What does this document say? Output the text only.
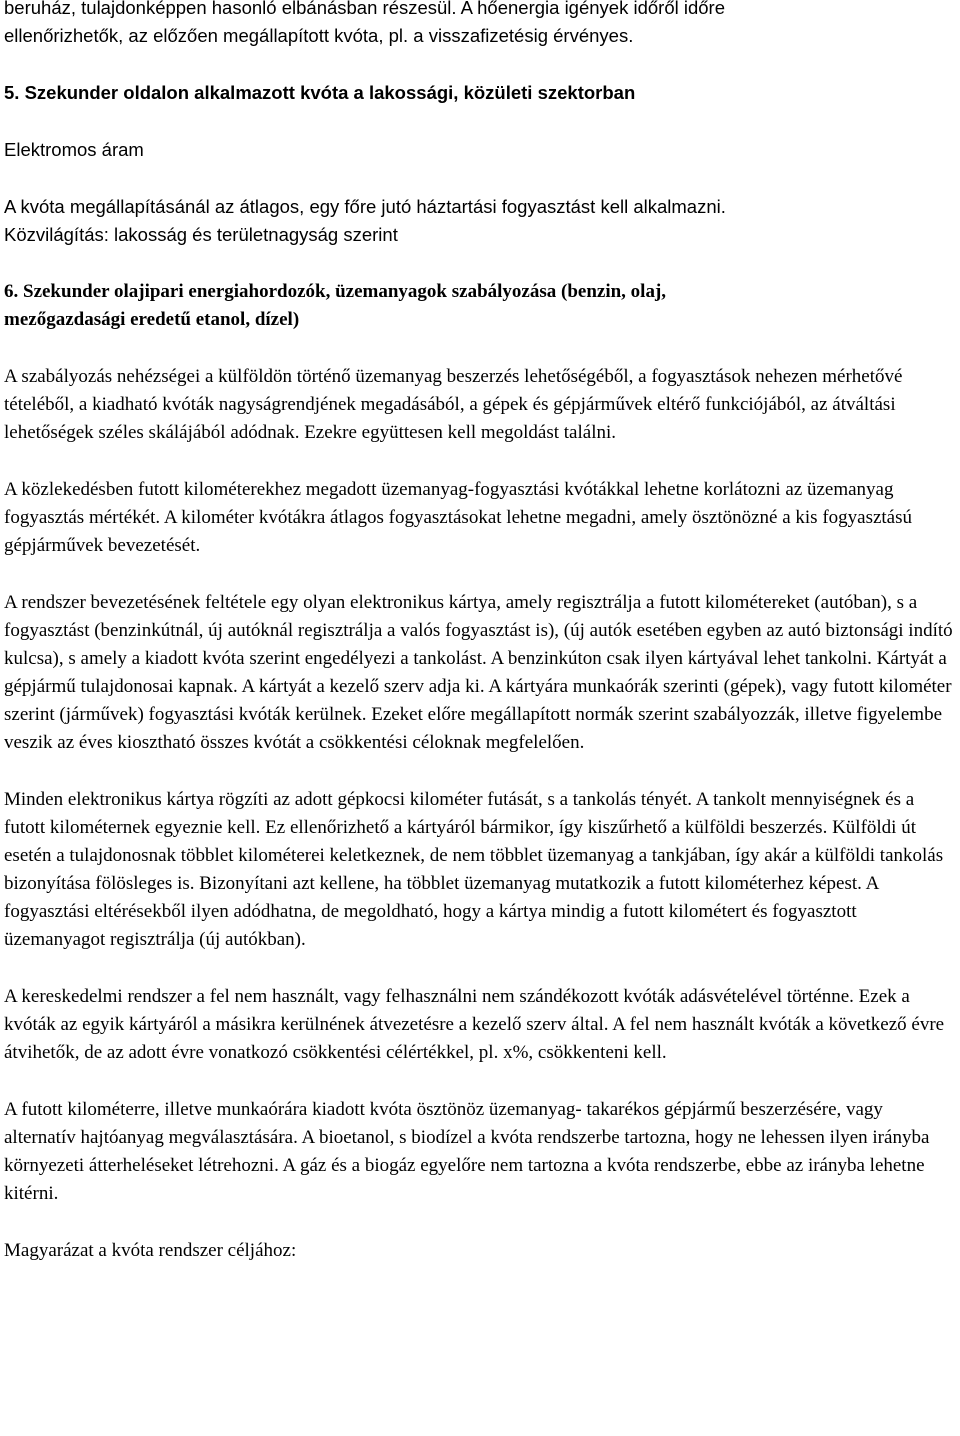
beruház, tulajdonképpen hasonló elbánásban részesül. A hőenergia igények időről időre

ellenőrizhetők, az előzően megállapított kvóta, pl. a visszafizetésig érvényes.

5. Szekunder oldalon alkalmazott kvóta a lakossági, közületi szektorban

Elektromos áram

A kvóta megállapításánál az átlagos, egy főre jutó háztartási fogyasztást kell alkalmazni.

Közvilágítás: lakosság és területnagyság szerint

6. Szekunder olajipari energiahordozók, üzemanyagok szabályozása (benzin, olaj,

mezőgazdasági eredetű etanol, dízel)

A szabályozás nehézségei a külföldön történő üzemanyag beszerzés lehetőségéből, a fogyasztások nehezen mérhetővé tételéből, a kiadható kvóták nagyságrendjének megadásából, a gépek és gépjárművek eltérő funkciójából, az átváltási lehetőségek széles skálájából adódnak. Ezekre együttesen kell megoldást találni.

A közlekedésben futott kilométerekhez megadott üzemanyag-fogyasztási kvótákkal lehetne korlátozni az üzemanyag fogyasztás mértékét. A kilométer kvótákra átlagos fogyasztásokat lehetne megadni, amely ösztönözné a kis fogyasztású gépjárművek bevezetését.

A rendszer bevezetésének feltétele egy olyan elektronikus kártya, amely regisztrálja a futott kilométereket (autóban), s a fogyasztást (benzinkútnál, új autóknál regisztrálja a valós fogyasztást is), (új autók esetében egyben az autó biztonsági indító kulcsa), s amely a kiadott kvóta szerint engedélyezi a tankolást. A benzinkúton csak ilyen kártyával lehet tankolni. Kártyát a gépjármű tulajdonosai kapnak. A kártyát a kezelő szerv adja ki. A kártyára munkaórák szerinti (gépek), vagy futott kilométer szerint (járművek) fogyasztási kvóták kerülnek. Ezeket előre megállapított normák szerint szabályozzák, illetve figyelembe veszik az éves kiosztható összes kvótát a csökkentési céloknak megfelelően.

Minden elektronikus kártya rögzíti az adott gépkocsi kilométer futását, s a tankolás tényét. A tankolt mennyiségnek és a futott kilométernek egyeznie kell. Ez ellenőrizhető a kártyáról bármikor, így kiszűrhető a külföldi beszerzés. Külföldi út esetén a tulajdonosnak többlet kilométerei keletkeznek, de nem többlet üzemanyag a tankjában, így akár a külföldi tankolás bizonyítása fölösleges is. Bizonyítani azt kellene, ha többlet üzemanyag mutatkozik a futott kilométerhez képest. A fogyasztási eltérésekből ilyen adódhatna, de megoldható, hogy a kártya mindig a futott kilométert és fogyasztott üzemanyagot regisztrálja (új autókban).

A kereskedelmi rendszer a fel nem használt, vagy felhasználni nem szándékozott kvóták adásvételével történne. Ezek a kvóták az egyik kártyáról a másikra kerülnének átvezetésre a kezelő szerv által. A fel nem használt kvóták a következő évre átvihetők, de az adott évre vonatkozó csökkentési célértékkel, pl. x%, csökkenteni kell.

A futott kilométerre, illetve munkaórára kiadott kvóta ösztönöz üzemanyag- takarékos gépjármű beszerzésére, vagy alternatív hajtóanyag megválasztására. A bioetanol, s biodízel a kvóta rendszerbe tartozna, hogy ne lehessen ilyen irányba környezeti átterheléseket létrehozni. A gáz és a biogáz egyelőre nem tartozna a kvóta rendszerbe, ebbe az irányba lehetne kitérni.

Magyarázat a kvóta rendszer céljához:
